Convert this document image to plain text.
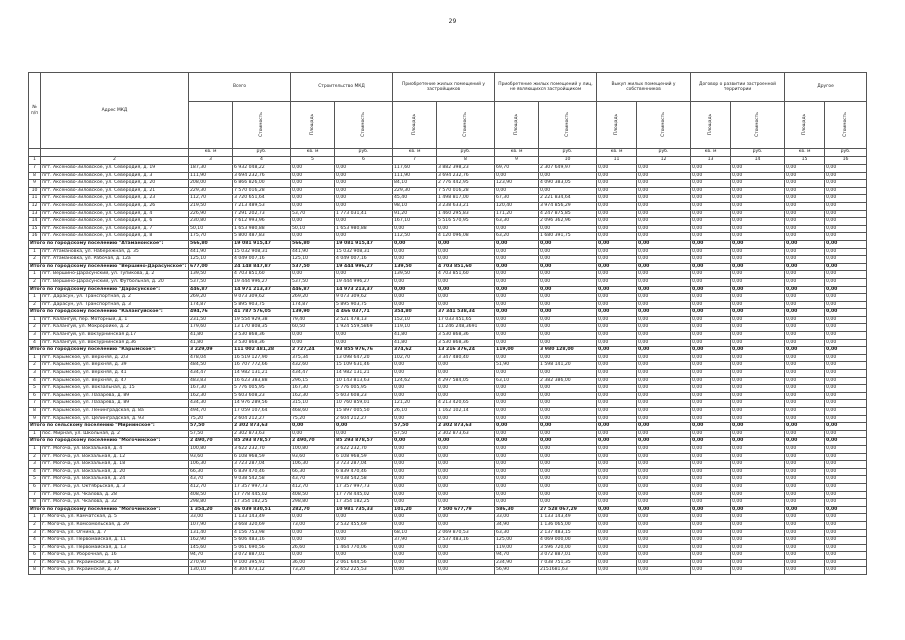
29
№ п/п	Адрес МКД	Всего		Строительство МКД		Приобретение жилых помещений у застройщиков		Приобретение жилых помещений у лиц, не являющихся застройщиком		Выкуп жилых помещений у собственников		Договор о развитии застроенной территории		Другое	
	Стоимость	Площадь	Стоимость	Площадь	Стоимость	Площадь	Стоимость	Площадь	Стоимость	Площадь	Стоимость	Площадь	Стоимость
		кв. м	руб.	кв. м	руб.	кв. м	руб.	кв. м	руб.	кв. м	руб.	кв. м	руб.	кв. м	руб.
1	2	3	4	5	6	7	8	9	10	11	12	13	14	15	16
7	пгт. Аксеново-Зиловское, ул. Северодия, д. 19	187,30	6 932 048,22	0,00	0,00	117,60	3 882 398,23	69,70	2 307 649,97	0,00	0,00	0,00	0,00	0,00	0,00
8	пгт. Аксеново-Зиловское, ул. Северодия, д. 3	111,90	3 694 232,76	0,00	0,00	111,90	3 694 232,76	0,00	0,00	0,00	0,00	0,00	0,00	0,00	0,00
9	пгт. Аксеново-Зиловское, ул. Северодия, д. 20	208,00	6 866 826,00	0,00	0,00	84,10	2 776 442,95	123,90	4 090 383,05	0,00	0,00	0,00	0,00	0,00	0,00
10	пгт. Аксеново-Зиловское, ул. Северодия, д. 21	229,30	7 570 016,28	0,00	0,00	229,30	7 570 016,28	0,00	0,00	0,00	0,00	0,00	0,00	0,00	0,00
11	пгт. Аксеново-Зиловское, ул. Северодия, д. 23	112,70	3 720 651,64	0,00	0,00	45,40	1 498 817,00	67,30	2 221 834,64	0,00	0,00	0,00	0,00	0,00	0,00
12	пгт. Аксеново-Зиловское, ул. Северодия, д. 26	219,50	7 213 489,53	0,00	0,00	98,10	3 238 633,21	120,40	3 974 856,29	0,00	0,00	0,00	0,00	0,00	0,00
13	пгт. Аксеново-Зиловское, ул. Северодия, д. 4	226,90	7 291 202,73	53,70	1 773 031,41	91,20	1 460 295,83	171,20	4 247 875,85	0,00	0,00	0,00	0,00	0,00	0,00
14	пгт. Аксеново-Зиловское, ул. Северодия, д. 6	230,80	7 612 993,96	0,00	0,00	167,10	5 516 570,95	63,30	2 096 362,96	0,00	0,00	0,00	0,00	0,00	0,00
15	пгт. Аксеново-Зиловское, ул. Северодия, д. 7	50,10	1 653 980,88	50,10	1 653 980,88	0,00	0,00	0,00	0,00	0,00	0,00	0,00	0,00	0,00	0,00
16	пгт. Аксеново-Зиловское, ул. Северодия, д. 8	175,70	5 800 487,83	0,00	0,00	112,50	4 120 096,08	63,20	1 680 391,75	0,00	0,00	0,00	0,00	0,00	0,00
Итого по городскому поселению "Атаманонское":		566,80	19 081 915,47	566,80	19 081 915,47	0,00	0,00	0,00	0,00	0,00	0,00	0,00	0,00	0,00	0,00
1	пгт. Атамановка, ул. Набережная, д. 35	441,90	15 032 908,31	441,90	15 032 908,31	0,00	0,00	0,00	0,00	0,00	0,00	0,00	0,00	0,00	0,00
2	пгт. Атамановка, ул. Рабочая, д. 12а	125,10	4 049 007,16	125,10	4 049 007,16	0,00	0,00	0,00	0,00	0,00	0,00	0,00	0,00	0,00	0,00
Итого по городскому поселению "Вершино-Дарасунское":		677,00	24 148 847,87	537,50	19 444 996,27	139,50	4 703 851,60	0,00	0,00	0,00	0,00	0,00	0,00	0,00	0,00
1	пгт. Вершино-Дарасунский, ул. Тупикова, д. 2	139,50	4 703 851,60	0,00	0,00	139,50	4 703 851,60	0,00	0,00	0,00	0,00	0,00	0,00	0,00	0,00
2	пгт. Вершино-Дарасунский, ул. Футбольная, д. 20	537,50	19 444 996,27	537,50	19 444 996,27	0,00	0,00	0,00	0,00	0,00	0,00	0,00	0,00	0,00	0,00
Итого по городскому поселению "Дарасунское":		446,87	14 971 213,37	446,87	14 973 213,37	0,00	0,00	0,00	0,00	0,00	0,00	0,00	0,00	0,00	0,00
1	пгт. Дарасун, ул. Транспортная, д. 2	269,20	9 073 309,62	269,20	9 073 309,62	0,00	0,00	0,00	0,00	0,00	0,00	0,00	0,00	0,00	0,00
2	пгт. Дарасун, ул. Транспортная, д. 3	174,87	5 895 903,75	174,87	5 895 903,75	0,00	0,00	0,00	0,00	0,00	0,00	0,00	0,00	0,00	0,00
Итого по городскому поселению "Калангуйское":		494,76	41 787 576,05	139,90	4 466 037,71	354,80	37 341 538,34	0,00	0,00	0,00	0,00	0,00	0,00	0,00	0,00
1	пгт. Калангуй, пер. Моторный, д. 1	231,50	19 554 929,38	79,40	2 521 478,13	152,10	17 033 451,65	0,00	0,00	0,00	0,00	0,00	0,00	0,00	0,00
2	пгт. Калангуй, ул. Мокроройке, д. 2	179,60	13 170 808,35	60,50	1 924 559,5869	119,10	11 246 248,3691	0,00	0,00	0,00	0,00	0,00	0,00	0,00	0,00
3	пгт. Калангуй, ул. Вокзурнинская д.17	41,80	3 530 868,36	0,00	0,00	41,80	3 530 868,36	0,00	0,00	0,00	0,00	0,00	0,00	0,00	0,00
4	пгт. Калангуй, ул. Вокзурнинская д.36	41,80	3 530 868,36	0,00	0,00	41,80	3 530 868,36	0,00	0,00	0,00	0,00	0,00	0,00	0,00	0,00
Итого по городскому поселению "Карымское":		3 229,09	111 002 481,28	2 727,24	93 855 976,76	374,62	13 216 376,24	119,00	3 980 128,00	0,00	0,00	0,00	0,00	0,00	0,00
1	пгт. Карымское, ул. Верхняя, д. 2/3	478,04	16 519 127,90	375,34	13 098 647,20	102,70	3 347 480,40	0,00	0,00	0,00	0,00	0,00	0,00	0,00	0,00
2	пгт. Карымское, ул. Верхняя, д. 39	484,50	16 707 772,66	432,60	15 109 631,46	0,00	0,00	51,90	1 598 141,20	0,00	0,00	0,00	0,00	0,00	0,00
3	пгт. Карымское, ул. Верхняя, д. 41	434,47	14 982 131,21	434,47	14 982 131,21	0,00	0,00	0,00	0,00	0,00	0,00	0,00	0,00	0,00	0,00
4	пгт. Карымское, ул. Верхняя, д. 47	483,83	16 623 383,88	296,15	10 143 813,63	124,62	4 297 584,05	63,10	2 382 386,00	0,00	0,00	0,00	0,00	0,00	0,00
5	пгт. Карымское, ул. Вокзальная, д. 15	167,30	5 776 005,95	167,30	5 776 005,95	0,00	0,00	0,00	0,00	0,00	0,00	0,00	0,00	0,00	0,00
6	пгт. Карымское, ул. Лазарева, д. 89	162,30	5 603 608,23	162,30	5 603 608,23	0,00	0,00	0,00	0,00	0,00	0,00	0,00	0,00	0,00	0,00
7	пгт. Карымское, ул. Лазарева, д. 89	434,30	14 976 289,56	315,10	10 760 859,01	121,20	4 213 420,65	0,00	0,00	0,00	0,00	0,00	0,00	0,00	0,00
8	пгт. Карымское, ул. Ленинградская, д. 8а	494,70	17 059 107,64	468,60	15 897 005,50	26,10	1 162 102,14	0,00	0,00	0,00	0,00	0,00	0,00	0,00	0,00
9	пгт. Карымское, ул. Целинградская, д. 93	75,20	2 604 212,27	75,20	2 604 212,27	0,00	0,00	0,00	0,00	0,00	0,00	0,00	0,00	0,00	0,00
Итого по сельскому поселению "Мирнинское":		57,50	2 302 873,63	0,00	0,00	57,50	2 302 873,63	0,00	0,00	0,00	0,00	0,00	0,00	0,00	0,00
1	пос. Мирная, ул. Школьная, д. 2	57,50	2 302 873,63	0,00	0,00	57,50	2 302 873,63	0,00	0,00	0,00	0,00	0,00	0,00	0,00	0,00
Итого по городскому поселению "Могочинское":		2 490,70	85 293 878,57	2 490,70	85 293 878,57	0,00	0,00	0,00	0,00	0,00	0,00	0,00	0,00	0,00	0,00
1	пгт. Могоча, ул. Вокзальная, д. 4	100,80	3 622 232,70	100,80	3 622 232,70	0,00	0,00	0,00	0,00	0,00	0,00	0,00	0,00	0,00	0,00
2	пгт. Могоча, ул. Вокзальная, д. 12	93,60	6 108 968,59	93,60	6 108 968,59	0,00	0,00	0,00	0,00	0,00	0,00	0,00	0,00	0,00	0,00
3	пгт. Могоча, ул. Вокзальная, д. 18	106,30	3 723 287,04	106,30	3 723 287,04	0,00	0,00	0,00	0,00	0,00	0,00	0,00	0,00	0,00	0,00
4	пгт. Могоча, ул. Вокзальная, д. 20	66,30	6 839 470,46	66,30	6 839 470,46	0,00	0,00	0,00	0,00	0,00	0,00	0,00	0,00	0,00	0,00
5	пгт. Могоча, ул. Вокзальная, д. 24	43,70	9 038 542,58	43,70	9 038 542,58	0,00	0,00	0,00	0,00	0,00	0,00	0,00	0,00	0,00	0,00
6	пгт. Могоча, ул. Октябрьская, д. 3	412,70	17 357 997,73	412,70	17 357 997,73	0,00	0,00	0,00	0,00	0,00	0,00	0,00	0,00	0,00	0,00
7	пгт. Могоча, ул. Чкалова, д. 28	408,50	17 778 445,02	408,50	17 778 445,02	0,00	0,00	0,00	0,00	0,00	0,00	0,00	0,00	0,00	0,00
8	пгт. Могоча, ул. Чкалова, д. 32	298,80	17 354 182,25	298,80	17 354 182,25	0,00	0,00	0,00	0,00	0,00	0,00	0,00	0,00	0,00	0,00
Итого по городскому поселению "Могочинское":		1 354,20	46 039 830,51	282,70	10 981 735,33	101,20	7 500 677,79	586,30	27 528 067,29	0,00	0,00	0,00	0,00	0,00	0,00
1	г. Могоча, ул. Камчатская, д. 5	33,00	1 133 143,49	0,00	0,00	0,00	0,00	33,00	1 133 143,49	0,00	0,00	0,00	0,00	0,00	0,00
2	г. Могоча, ул. Комсомольская, д. 29	107,90	3 668 320,69	73,00	2 532 455,69	0,00	0,00	34,90	1 136 065,00	0,00	0,00	0,00	0,00	0,00	0,00
3	г. Могоча, ул. Огнина, д. 7	131,40	4 156 753,98	0,00	0,00	68,10	2 069 870,53	63,30	2 137 483,15	0,00	0,00	0,00	0,00	0,00	0,00
4	г. Могоча, ул. Первомайская, д. 11	162,90	5 606 483,16	0,00	0,00	37,90	2 537 483,16	125,00	4 069 000,00	0,00	0,00	0,00	0,00	0,00	0,00
5	г. Могоча, ул. Первомайская, д. 13	145,60	5 061 690,56	26,60	1 464 770,06	0,00	0,00	119,00	3 596 720,00	0,00	0,00	0,00	0,00	0,00	0,00
6	г. Могоча, ул. Уборочная, д. 16	94,70	3 072 887,01	0,00	0,00	0,00	0,00	94,70	3 072 887,01	0,00	0,00	0,00	0,00	0,00	0,00
7	г. Могоча, ул. Украинская, д. 16	270,90	9 100 395,91	36,00	2 061 644,56	0,00	0,00	234,90	7 038 751,35	0,00	0,00	0,00	0,00	0,00	0,00
8	г. Могоча, ул. Украинская, д. 37	130,10	4 304 873,12	73,20	2 652 225,53	0,00	0,00	56,90	2151681,63	0,00	0,00	0,00	0,00	0,00	0,00
